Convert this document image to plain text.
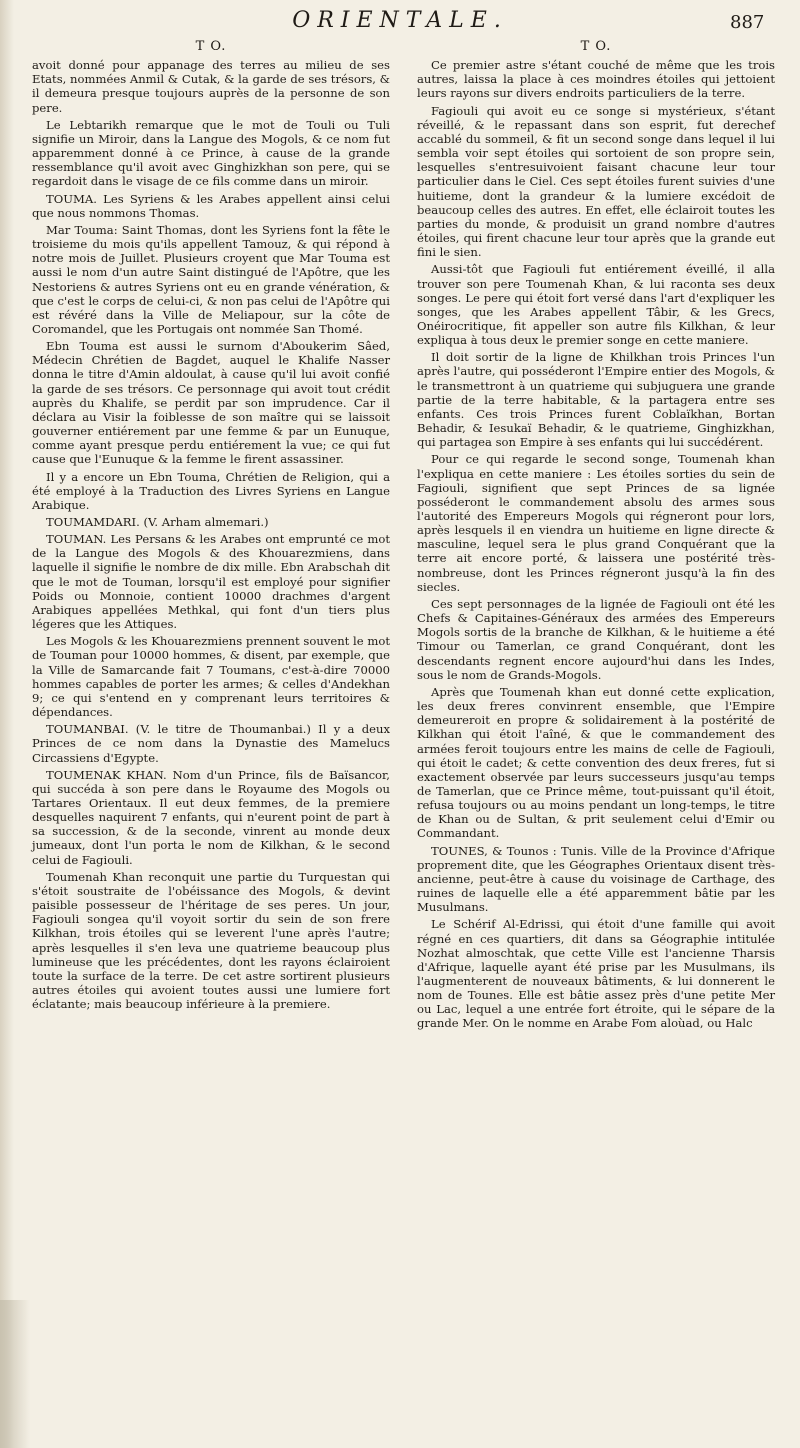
ORIENTALE.	887
T O.

avoit donné pour appanage des terres au milieu de ses Etats, nommées Anmil & Cutak, & la garde de ses trésors, & il demeura presque toujours auprès de la personne de son pere.

Le Lebtarikh remarque que le mot de Touli ou Tuli signifie un Miroir, dans la Langue des Mogols, & ce nom fut apparemment donné à ce Prince, à cause de la grande ressemblance qu'il avoit avec Ginghizkhan son pere, qui se regardoit dans le visage de ce fils comme dans un miroir.

TOUMA. Les Syriens & les Arabes appellent ainsi celui que nous nommons Thomas.

Mar Touma: Saint Thomas, dont les Syriens font la fête le troisieme du mois qu'ils appellent Tamouz, & qui répond à notre mois de Juillet. Plusieurs croyent que Mar Touma est aussi le nom d'un autre Saint distingué de l'Apôtre, que les Nestoriens & autres Syriens ont eu en grande vénération, & que c'est le corps de celui-ci, & non pas celui de l'Apôtre qui est révéré dans la Ville de Meliapour, sur la côte de Coromandel, que les Portugais ont nommée San Thomé.

Ebn Touma est aussi le surnom d'Aboukerim Sâed, Médecin Chrétien de Bagdet, auquel le Khalife Nasser donna le titre d'Amin aldoulat, à cause qu'il lui avoit confié la garde de ses trésors. Ce personnage qui avoit tout crédit auprès du Khalife, se perdit par son imprudence. Car il déclara au Visir la foiblesse de son maître qui se laissoit gouverner entiérement par une femme & par un Eunuque, comme ayant presque perdu entiérement la vue; ce qui fut cause que l'Eunuque & la femme le firent assassiner.

Il y a encore un Ebn Touma, Chrétien de Religion, qui a été employé à la Traduction des Livres Syriens en Langue Arabique.

TOUMAMDARI. (V. Arham almemari.)

TOUMAN. Les Persans & les Arabes ont emprunté ce mot de la Langue des Mogols & des Khouarezmiens, dans laquelle il signifie le nombre de dix mille. Ebn Arabschah dit que le mot de Touman, lorsqu'il est employé pour signifier Poids ou Monnoie, contient 10000 drachmes d'argent Arabiques appellées Methkal, qui font d'un tiers plus légeres que les Attiques.

Les Mogols & les Khouarezmiens prennent souvent le mot de Touman pour 10000 hommes, & disent, par exemple, que la Ville de Samarcande fait 7 Toumans, c'est-à-dire 70000 hommes capables de porter les armes; & celles d'Andekhan 9; ce qui s'entend en y comprenant leurs territoires & dépendances.

TOUMANBAI. (V. le titre de Thoumanbai.) Il y a deux Princes de ce nom dans la Dynastie des Mamelucs Circassiens d'Egypte.

TOUMENAK KHAN. Nom d'un Prince, fils de Baïsancor, qui succéda à son pere dans le Royaume des Mogols ou Tartares Orientaux. Il eut deux femmes, de la premiere desquelles naquirent 7 enfants, qui n'eurent point de part à sa succession, & de la seconde, vinrent au monde deux jumeaux, dont l'un porta le nom de Kilkhan, & le second celui de Fagiouli.

Toumenah Khan reconquit une partie du Turquestan qui s'étoit soustraite de l'obéissance des Mogols, & devint paisible possesseur de l'héritage de ses peres. Un jour, Fagiouli songea qu'il voyoit sortir du sein de son frere Kilkhan, trois étoiles qui se leverent l'une après l'autre; après lesquelles il s'en leva une quatrieme beaucoup plus lumineuse que les précédentes, dont les rayons éclairoient toute la surface de la terre. De cet astre sortirent plusieurs autres étoiles qui avoient toutes aussi une lumiere fort éclatante; mais beaucoup inférieure à la premiere.

T O.

Ce premier astre s'étant couché de même que les trois autres, laissa la place à ces moindres étoiles qui jettoient leurs rayons sur divers endroits particuliers de la terre.

Fagiouli qui avoit eu ce songe si mystérieux, s'étant réveillé, & le repassant dans son esprit, fut derechef accablé du sommeil, & fit un second songe dans lequel il lui sembla voir sept étoiles qui sortoient de son propre sein, lesquelles s'entresuivoient faisant chacune leur tour particulier dans le Ciel. Ces sept étoiles furent suivies d'une huitieme, dont la grandeur & la lumiere excédoit de beaucoup celles des autres. En effet, elle éclairoit toutes les parties du monde, & produisit un grand nombre d'autres étoiles, qui firent chacune leur tour après que la grande eut fini le sien.

Aussi-tôt que Fagiouli fut entiérement éveillé, il alla trouver son pere Toumenah Khan, & lui raconta ses deux songes. Le pere qui étoit fort versé dans l'art d'expliquer les songes, que les Arabes appellent Tâbir, & les Grecs, Onéirocritique, fit appeller son autre fils Kilkhan, & leur expliqua à tous deux le premier songe en cette maniere.

Il doit sortir de la ligne de Khilkhan trois Princes l'un après l'autre, qui posséderont l'Empire entier des Mogols, & le transmettront à un quatrieme qui subjuguera une grande partie de la terre habitable, & la partagera entre ses enfants. Ces trois Princes furent Coblaïkhan, Bortan Behadir, & Iesukaï Behadir, & le quatrieme, Ginghizkhan, qui partagea son Empire à ses enfants qui lui succédérent.

Pour ce qui regarde le second songe, Toumenah khan l'expliqua en cette maniere : Les étoiles sorties du sein de Fagiouli, signifient que sept Princes de sa lignée posséderont le commandement absolu des armes sous l'autorité des Empereurs Mogols qui régneront pour lors, après lesquels il en viendra un huitieme en ligne directe & masculine, lequel sera le plus grand Conquérant que la terre ait encore porté, & laissera une postérité très-nombreuse, dont les Princes régneront jusqu'à la fin des siecles.

Ces sept personnages de la lignée de Fagiouli ont été les Chefs & Capitaines-Généraux des armées des Empereurs Mogols sortis de la branche de Kilkhan, & le huitieme a été Timour ou Tamerlan, ce grand Conquérant, dont les descendants regnent encore aujourd'hui dans les Indes, sous le nom de Grands-Mogols.

Après que Toumenah khan eut donné cette explication, les deux freres convinrent ensemble, que l'Empire demeureroit en propre & solidairement à la postérité de Kilkhan qui étoit l'aîné, & que le commandement des armées feroit toujours entre les mains de celle de Fagiouli, qui étoit le cadet; & cette convention des deux freres, fut si exactement observée par leurs successeurs jusqu'au temps de Tamerlan, que ce Prince même, tout-puissant qu'il étoit, refusa toujours ou au moins pendant un long-temps, le titre de Khan ou de Sultan, & prit seulement celui d'Emir ou Commandant.

TOUNES, & Tounos : Tunis. Ville de la Province d'Afrique proprement dite, que les Géographes Orientaux disent très-ancienne, peut-être à cause du voisinage de Carthage, des ruines de laquelle elle a été apparemment bâtie par les Musulmans.

Le Schérif Al-Edrissi, qui étoit d'une famille qui avoit régné en ces quartiers, dit dans sa Géographie intitulée Nozhat almoschtak, que cette Ville est l'ancienne Tharsis d'Afrique, laquelle ayant été prise par les Musulmans, ils l'augmenterent de nouveaux bâtiments, & lui donnerent le nom de Tounes. Elle est bâtie assez près d'une petite Mer ou Lac, lequel a une entrée fort étroite, qui le sépare de la grande Mer. On le nomme en Arabe Fom aloùad, ou Halc
